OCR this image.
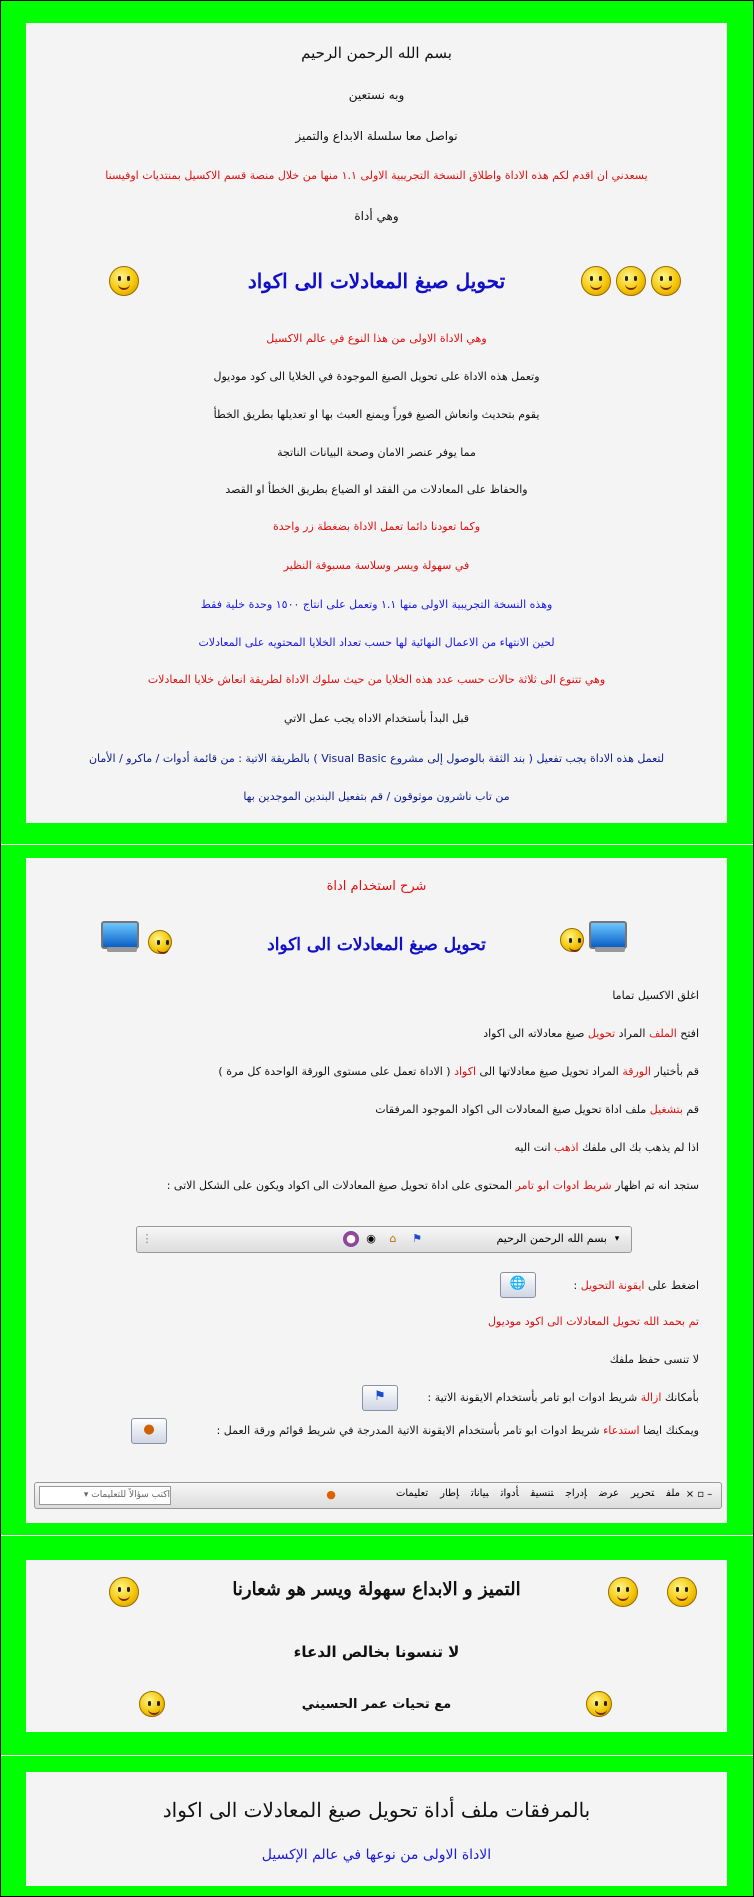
بسم الله الرحمن الرحيم
وبه نستعين
نواصل معا سلسلة الابداع والتميز
يسعدني ان اقدم لكم هذه الاداة واطلاق النسخة التجريبية الاولى ١.١ منها من خلال منصة قسم الاكسيل بمنتديات اوفيسنا
وهي أداة
تحويل صيغ المعادلات الى اكواد
وهي الاداة الاولى من هذا النوع في عالم الاكسيل
وتعمل هذه الاداة على تحويل الصيغ الموجودة في الخلايا الى كود موديول
يقوم بتحديث وانعاش الصيغ فوراً ويمنع العبث بها او تعديلها بطريق الخطأ
مما يوفر عنصر الامان وصحة البيانات الناتجة
والحفاظ على المعادلات من الفقد او الضياع بطريق الخطأ او القصد
وكما تعودنا دائما تعمل الاداة بضغطة زر واحدة
في سهولة ويسر وسلاسة مسبوقة النظير
وهذه النسخة التجريبية الاولى منها ١.١ وتعمل على انتاج ١٥٠٠ وحدة خلية فقط
لحين الانتهاء من الاعمال النهائية لها حسب تعداد الخلايا المحتويه على المعادلات
وهي تتنوع الى ثلاثة حالات حسب عدد هذه الخلايا من حيث سلوك الاداة لطريقة انعاش خلايا المعادلات
قبل البدأ بأستخدام الاداه يجب عمل الاتي
لتعمل هذه الاداة يجب تفعيل ( بند الثقة بالوصول إلى مشروع Visual Basic ) بالطريقة الاتية : من قائمة أدوات / ماكرو / الأمان
من تاب ناشرون موثوقون / قم بتفعيل البندين الموجدين بها
شرح استخدام اداة
تحويل صيغ المعادلات الى اكواد
اغلق الاكسيل تماما
افتح الملف المراد تحويل صيغ معادلاته الى اكواد
قم بأختيار الورقة المراد تحويل صيغ معادلاتها الى اكواد ( الاداة تعمل على مستوى الورقة الواحدة كل مرة )
قم بتشغيل ملف اداة تحويل صيغ المعادلات الى اكواد الموجود المرفقات
اذا لم يذهب بك الى ملفك اذهب انت اليه
ستجد انه تم اظهار شريط ادوات ابو تامر المحتوى على اداة تحويل صيغ المعادلات الى اكواد ويكون على الشكل الاتى :
▾
بسم الله الرحمن الرحيم
⚑
⌂
◉
●
⋮
اضغط على ايقونة التحويل :
🌐
تم بحمد الله تحويل المعادلات الى اكود موديول
لا تنسى حفظ ملفك
بأمكانك ازالة شريط ادوات ابو تامر بأستخدام الايقونة الاتية :
⚑
ويمكنك ايضا استدعاء شريط ادوات ابو تامر بأستخدام الايقونة الاتية المدرجة في شريط قوائم ورقة العمل :
●
اكتب سؤالاً للتعليمات ▾	●	ملفتحريرعرضإدراجتنسيقأدواتبياناتإطارتعليمات	× ▫ –
التميز و الابداع سهولة ويسر هو شعارنا
لا تنسونا بخالص الدعاء
مع تحيات عمر الحسيني
بالمرفقات ملف أداة تحويل صيغ المعادلات الى اكواد
الاداة الاولى من نوعها في عالم الإكسيل
